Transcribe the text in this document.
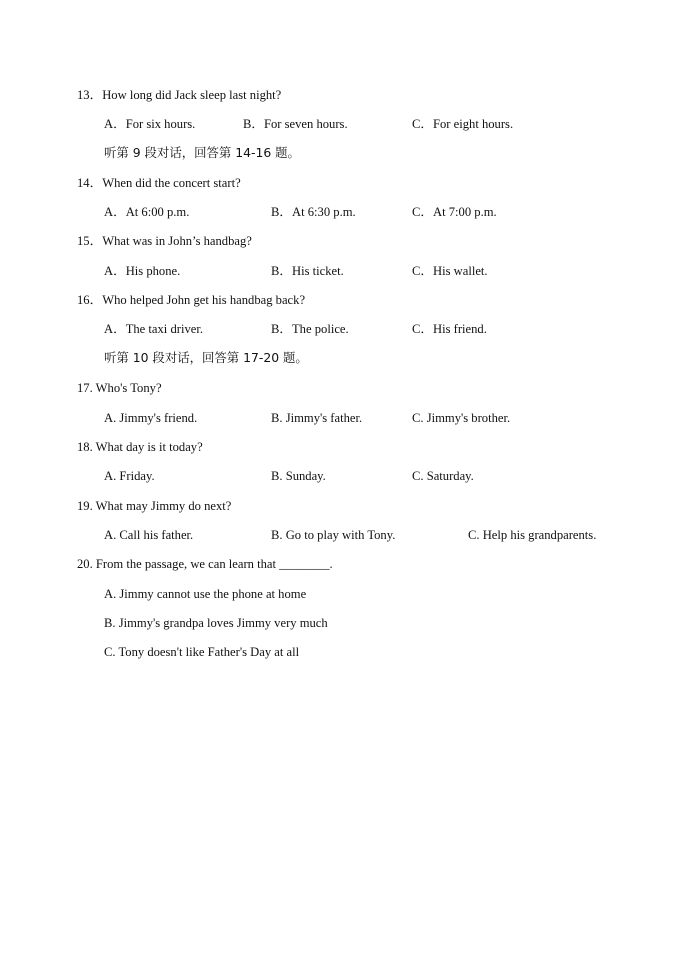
13．How long did Jack sleep last night?
A．For six hours.	B．For seven hours.	C．For eight hours.
听第 9 段对话，回答第 14-16 题。
14．When did the concert start?
A．At 6:00 p.m.	B．At 6:30 p.m.	C．At 7:00 p.m.
15．What was in John’s handbag?
A．His phone.	B．His ticket.	C．His wallet.
16．Who helped John get his handbag back?
A．The taxi driver.	B．The police.	C．His friend.
听第 10 段对话，回答第 17-20 题。
17. Who's Tony?
A. Jimmy's friend.	B. Jimmy's father.	C. Jimmy's brother.
18. What day is it today?
A. Friday.	B. Sunday.	C. Saturday.
19. What may Jimmy do next?
A. Call his father.	B. Go to play with Tony.	C. Help his grandparents.
20. From the passage, we can learn that ________.
A. Jimmy cannot use the phone at home
B. Jimmy's grandpa loves Jimmy very much
C. Tony doesn't like Father's Day at all
